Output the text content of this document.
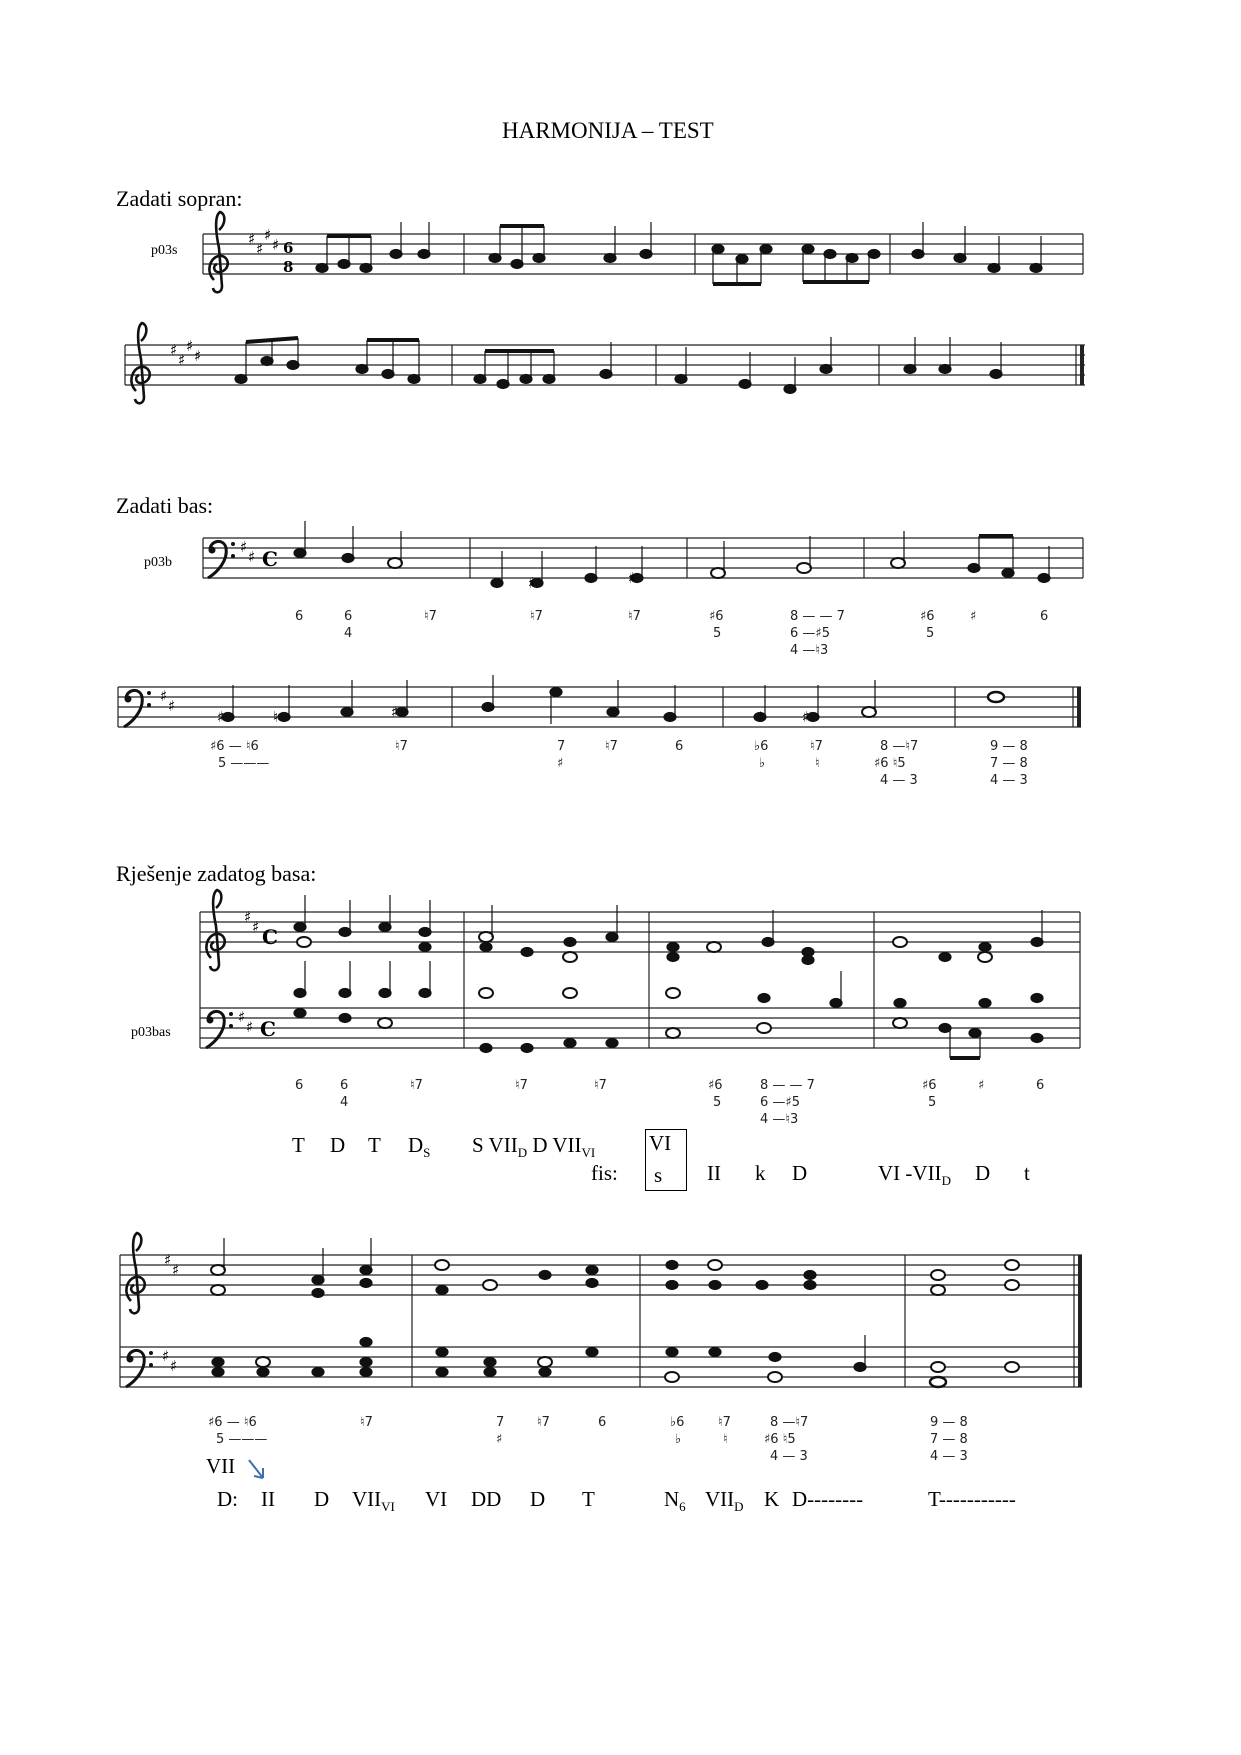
HARMONIJA – TEST
Zadati sopran:
Zadati bas:
Rješenje zadatog basa:
p03s
p03b
p03bas
♯
♯
♯
♯ 6
8
♯
♯
♯
♯
♯
♯ C
♯	♯
♯
♯
♯	♮	♯	♮	♯
♯
♯ C
♯
♯ C
♯
♯
♯
♯
6	6
4
♮7	♮7	♮7	♯6
5
8 — — 7
6 —♯5
4 —♮3
♯6
5
♯	6
♯6 — ♮6
5 ———
♮7	7
♯
♮7	6	♭6
♭
♮7
♮
8 —♮7
♯6 ♮5
4 — 3
9 — 8
7 — 8
4 — 3
6	6
4
♮7	♮7	♮7	♯6
5
8 — — 7
6 —♯5
4 —♮3
♯6
5
♯	6
♯6 — ♮6
5 ———
♮7	7
♯
♮7	6	♭6
♭
♮7
♮
8 —♮7
♯6 ♮5
4 — 3
9 — 8
7 — 8
4 — 3
T D T $D_S$ S $VII_D$ D $VII_{VI}$	VI
s
fis:	II k D	VI $-VII_D$ D t
VII
D: II D $VII_{VI}$ VI DD D T	$N_6$ $VII_D$ K D--------	T-----------
